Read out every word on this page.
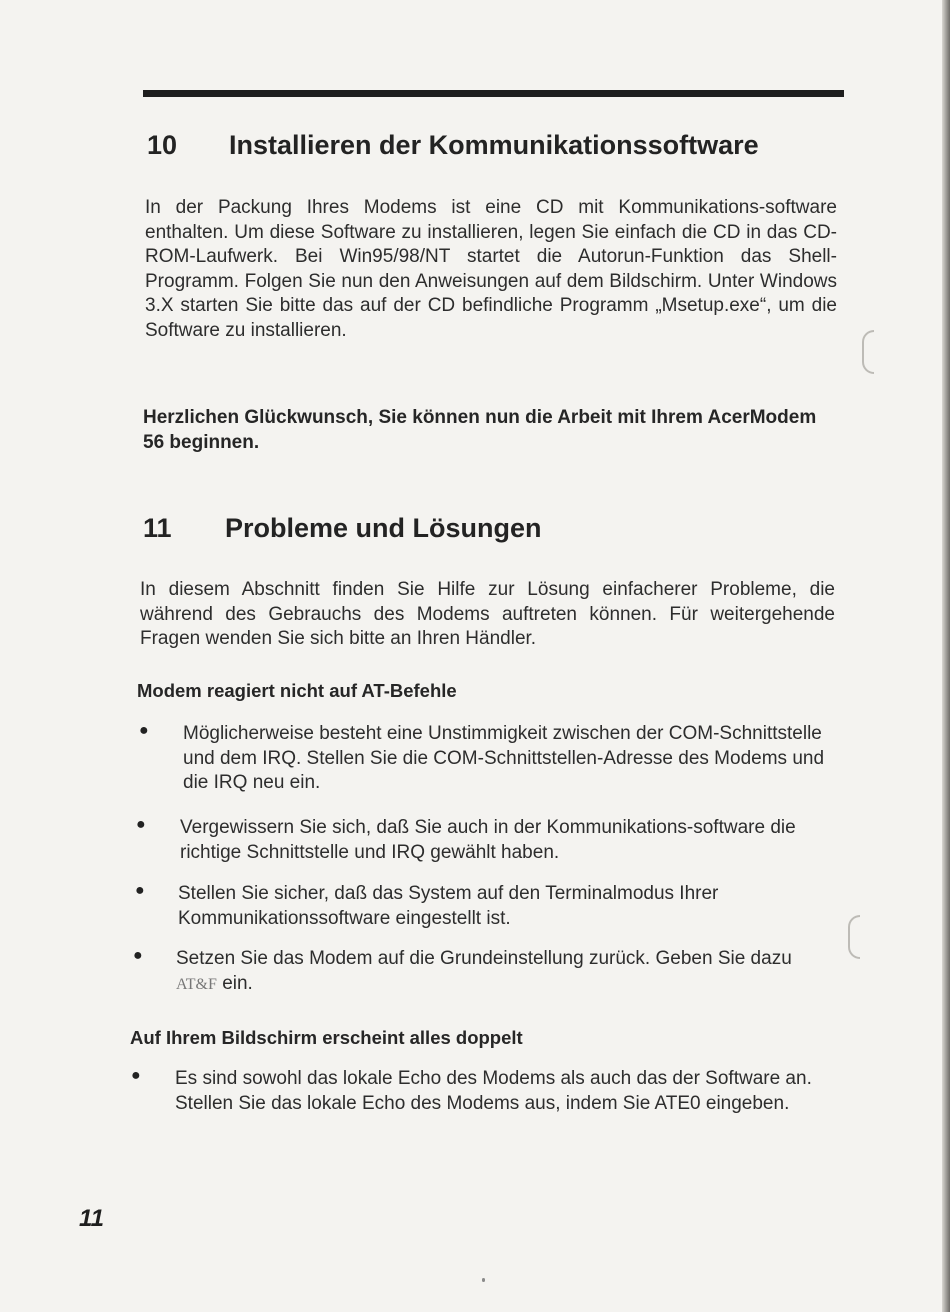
10 Installieren der Kommunikationssoftware

In der Packung Ihres Modems ist eine CD mit Kommunikations-software enthalten. Um diese Software zu installieren, legen Sie einfach die CD in das CD-ROM-Laufwerk. Bei Win95/98/NT startet die Autorun-Funktion das Shell-Programm. Folgen Sie nun den Anweisungen auf dem Bildschirm. Unter Windows 3.X starten Sie bitte das auf der CD befindliche Programm „Msetup.exe“, um die Software zu installieren.

Herzlichen Glückwunsch, Sie können nun die Arbeit mit Ihrem AcerModem 56 beginnen.

11 Probleme und Lösungen

In diesem Abschnitt finden Sie Hilfe zur Lösung einfacherer Probleme, die während des Gebrauchs des Modems auftreten können. Für weitergehende Fragen wenden Sie sich bitte an Ihren Händler.

Modem reagiert nicht auf AT-Befehle
● Möglicherweise besteht eine Unstimmigkeit zwischen der COM-Schnittstelle und dem IRQ. Stellen Sie die COM-Schnittstellen-Adresse des Modems und die IRQ neu ein.

● Vergewissern Sie sich, daß Sie auch in der Kommunikations-software die richtige Schnittstelle und IRQ gewählt haben.

● Stellen Sie sicher, daß das System auf den Terminalmodus Ihrer Kommunikationssoftware eingestellt ist.

● Setzen Sie das Modem auf die Grundeinstellung zurück. Geben Sie dazu AT&F ein.

Auf Ihrem Bildschirm erscheint alles doppelt
● Es sind sowohl das lokale Echo des Modems als auch das der Software an. Stellen Sie das lokale Echo des Modems aus, indem Sie ATE0 eingeben.

11
